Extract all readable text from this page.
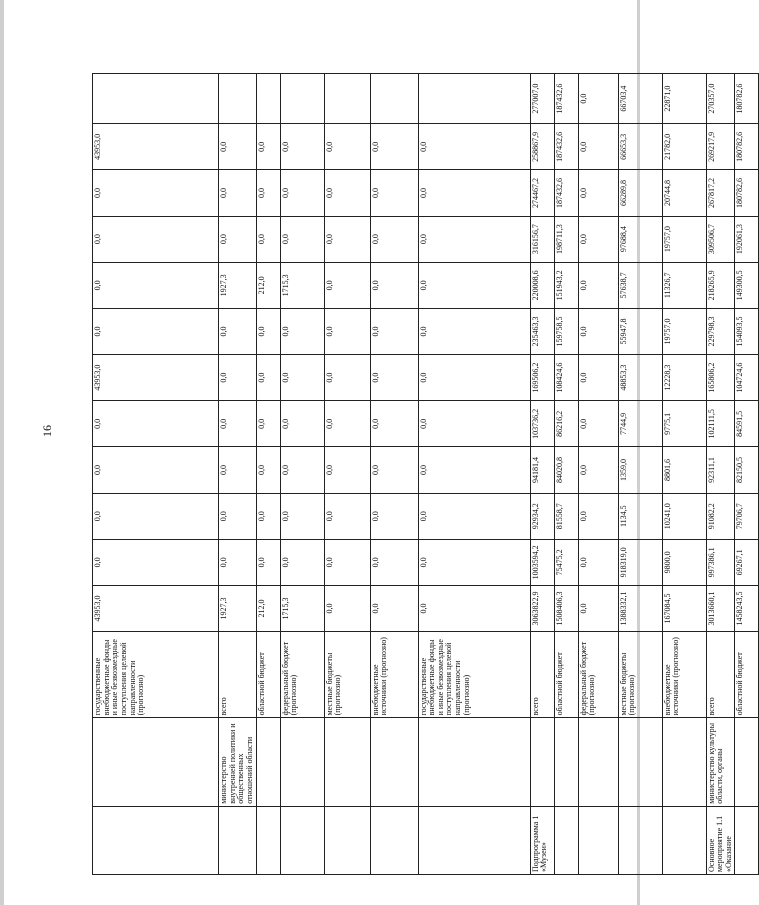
16

		государственные внебюджетные фонды и иные безвозмездные поступления целевой направленности (прогнозно)	43953,0	0,0	0,0	0,0	0,0	43953,0	0,0	0,0	0,0	0,0	43953,0	

	министерство внутренней политики и общественных отношений области	всего	1927,3	0,0	0,0	0,0	0,0	0,0	0,0	1927,3	0,0	0,0	0,0	

		областной бюджет	212,0	0,0	0,0	0,0	0,0	0,0	0,0	212,0	0,0	0,0	0,0	

		федеральный бюджет (прогнозно)	1715,3	0,0	0,0	0,0	0,0	0,0	0,0	1715,3	0,0	0,0	0,0	

		местные бюджеты (прогнозно)	0,0	0,0	0,0	0,0	0,0	0,0	0,0	0,0	0,0	0,0	0,0	

		внебюджетные источники (прогнозно)	0,0	0,0	0,0	0,0	0,0	0,0	0,0	0,0	0,0	0,0	0,0	

		государственные внебюджетные фонды и иные безвозмездные поступления целевой направленности (прогнозно)	0,0	0,0	0,0	0,0	0,0	0,0	0,0	0,0	0,0	0,0	0,0	

Подпрограмма 1 «Музеи»		всего	3063822,9	1003594,2	92934,2	94181,4	103736,2	169506,2	235463,3	220008,6	316156,7	274467,2	258867,9	277007,0

		областной бюджет	1508406,3	75475,2	81558,7	84020,8	86216,2	108424,6	159758,5	151943,2	198711,3	187432,6	187432,6	187432,6

		федеральный бюджет (прогнозно)	0,0	0,0	0,0	0,0	0,0	0,0	0,0	0,0	0,0	0,0	0,0	0,0

		местные бюджеты (прогнозно)	1388332,1	918319,0	1134,5	1359,0	7744,9	48853,3	55947,8	57638,7	97688,4	66289,8	66653,3	66703,4

		внебюджетные источники (прогнозно)	167084,5	9800,0	10241,0	8801,6	9775,1	12228,3	19757,0	11326,7	19757,0	20744,8	21782,0	22871,0

Основное мероприятие 1.1 «Оказание	министерство культуры области, органы	всего	3013660,1	997386,1	91082,2	92311,1	102111,5	165806,2	229798,3	218265,9	309506,7	267817,2	269217,9	270357,0

		областной бюджет	1458243,5	69267,1	79706,7	82150,5	84591,5	104724,6	154093,5	149300,5	192061,3	180782,6	180782,6	180782,6
